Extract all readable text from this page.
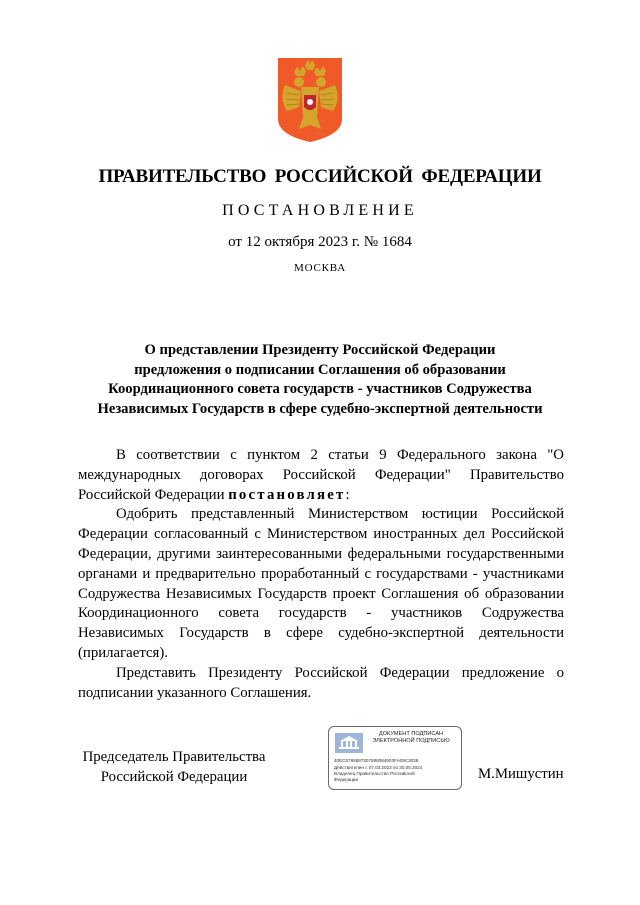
ПРАВИТЕЛЬСТВО РОССИЙСКОЙ ФЕДЕРАЦИИ
ПОСТАНОВЛЕНИЕ
от 12 октября 2023 г. № 1684
МОСКВА
О представлении Президенту Российской Федерации
предложения о подписании Соглашения об образовании
Координационного совета государств - участников Содружества
Независимых Государств в сфере судебно-экспертной деятельности

В соответствии с пунктом 2 статьи 9 Федерального закона "О международных договорах Российской Федерации" Правительство Российской Федерации постановляет:

Одобрить представленный Министерством юстиции Российской Федерации согласованный с Министерством иностранных дел Российской Федерации, другими заинтересованными федеральными государственными органами и предварительно проработанный с государствами - участниками Содружества Независимых Государств проект Соглашения об образовании Координационного совета государств - участников Содружества Независимых Государств в сфере судебно-экспертной деятельности (прилагается).

Представить Президенту Российской Федерации предложение о подписании указанного Соглашения.

Председатель Правительства
Российской Федерации
ДОКУМЕНТ ПОДПИСАН
ЭЛЕКТРОННОЙ ПОДПИСЬЮ
40EC5788887307888084603FA09C3038
Действителен с 07.03.2023 по 30.05.2024
Владелец Правительство Российской
Федерации	М.Мишустин
